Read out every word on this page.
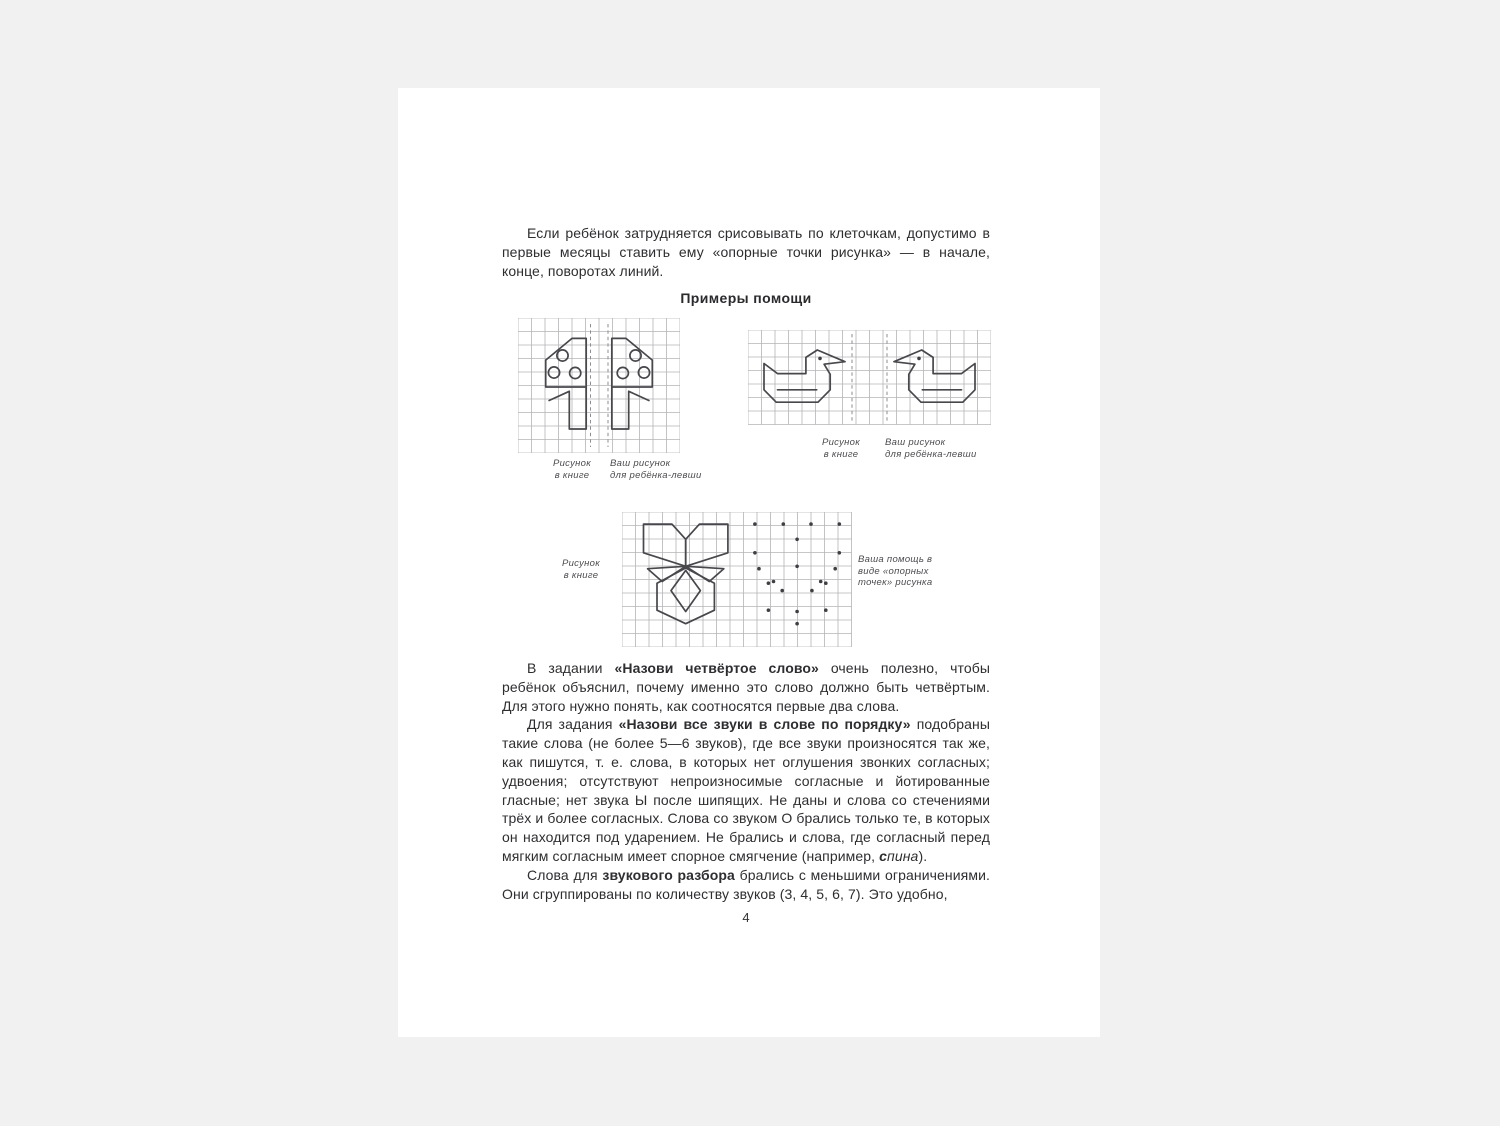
Если ребёнок затрудняется срисовывать по клеточкам, допустимо в первые месяцы ставить ему «опорные точки рисунка» — в начале, конце, поворотах линий.

Примеры помощи
Рисунок
в книге
Ваш рисунок
для ребёнка-левши
Рисунок
в книге
Ваш рисунок
для ребёнка-левши
Рисунок
в книге
Ваша помощь в
виде «опорных
точек» рисунка

В задании «Назови четвёртое слово» очень полезно, чтобы ребёнок объяснил, почему именно это слово должно быть четвёртым. Для этого нужно понять, как соотносятся первые два слова.

Для задания «Назови все звуки в слове по порядку» подобраны такие слова (не более 5—6 звуков), где все звуки произносятся так же, как пишутся, т. е. слова, в которых нет оглушения звонких согласных; удвоения; отсутствуют непроизносимые согласные и йотированные гласные; нет звука Ы после шипящих. Не даны и слова со стечениями трёх и более согласных. Слова со звуком О брались только те, в которых он находится под ударением. Не брались и слова, где согласный перед мягким согласным имеет спорное смягчение (например, спина).

Слова для звукового разбора брались с меньшими ограничениями. Они сгруппированы по количеству звуков (3, 4, 5, 6, 7). Это удобно,

4
